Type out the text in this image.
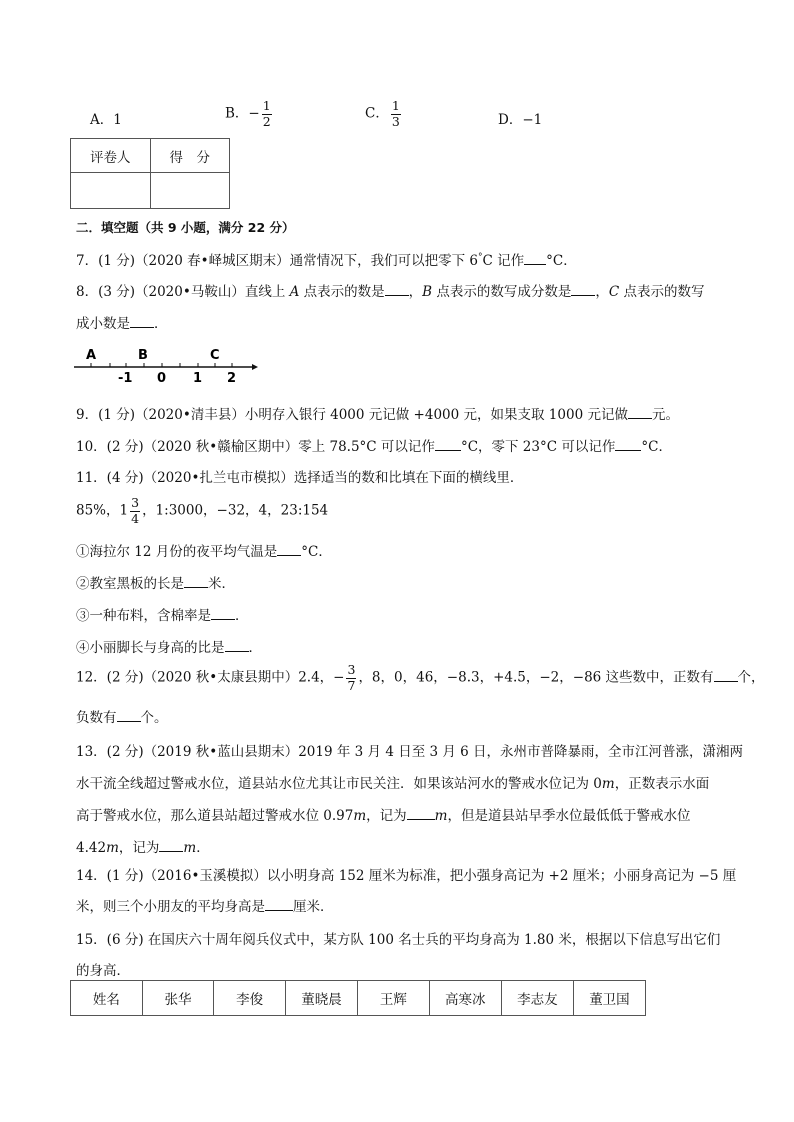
A．1	B．− $\frac{1}{2}$	C． $\frac{1}{3}$	D．−1
评卷人	得　分

二．填空题（共 9 小题，满分 22 分）
7．(1 分)（2020 春•峄城区期末）通常情况下，我们可以把零下 6°C 记作 °C．
8．(3 分)（2020•马鞍山）直线上 A 点表示的数是 ，B 点表示的数写成分数是 ，C 点表示的数写
成小数是 ．
A	B	C
-1 0 1 2
9．(1 分)（2020•清丰县）小明存入银行 4000 元记做 +4000 元，如果支取 1000 元记做 元。
10．(2 分)（2020 秋•赣榆区期中）零上 78.5°C 可以记作 °C，零下 23°C 可以记作 °C．
11．(4 分)（2020•扎兰屯市模拟）选择适当的数和比填在下面的横线里．
85%，$1 \frac{3}{4}$ ，1:3000，−32，4，23:154
①海拉尔 12 月份的夜平均气温是 °C．
②教室黑板的长是 米．
③一种布料，含棉率是 ．
④小丽脚长与身高的比是 ．
12．(2 分)（2020 秋•太康县期中）2.4，− $\frac{3}{7}$ ，8，0，46，−8.3，+4.5，−2，−86 这些数中，正数有 个，
负数有 个。
13．(2 分)（2019 秋•蓝山县期末）2019 年 3 月 4 日至 3 月 6 日，永州市普降暴雨，全市江河普涨，潇湘两
水干流全线超过警戒水位，道县站水位尤其让市民关注．如果该站河水的警戒水位记为 0m，正数表示水面
高于警戒水位，那么道县站超过警戒水位 0.97m，记为 m，但是道县站早季水位最低低于警戒水位
4.42m，记为 m．
14．(1 分)（2016•玉溪模拟）以小明身高 152 厘米为标准，把小强身高记为 +2 厘米；小丽身高记为 −5 厘
米，则三个小朋友的平均身高是 厘米．
15．(6 分) 在国庆六十周年阅兵仪式中，某方队 100 名士兵的平均身高为 1.80 米，根据以下信息写出它们
的身高．
姓名	张华	李俊	董晓晨	王辉	高寒冰	李志友	董卫国
